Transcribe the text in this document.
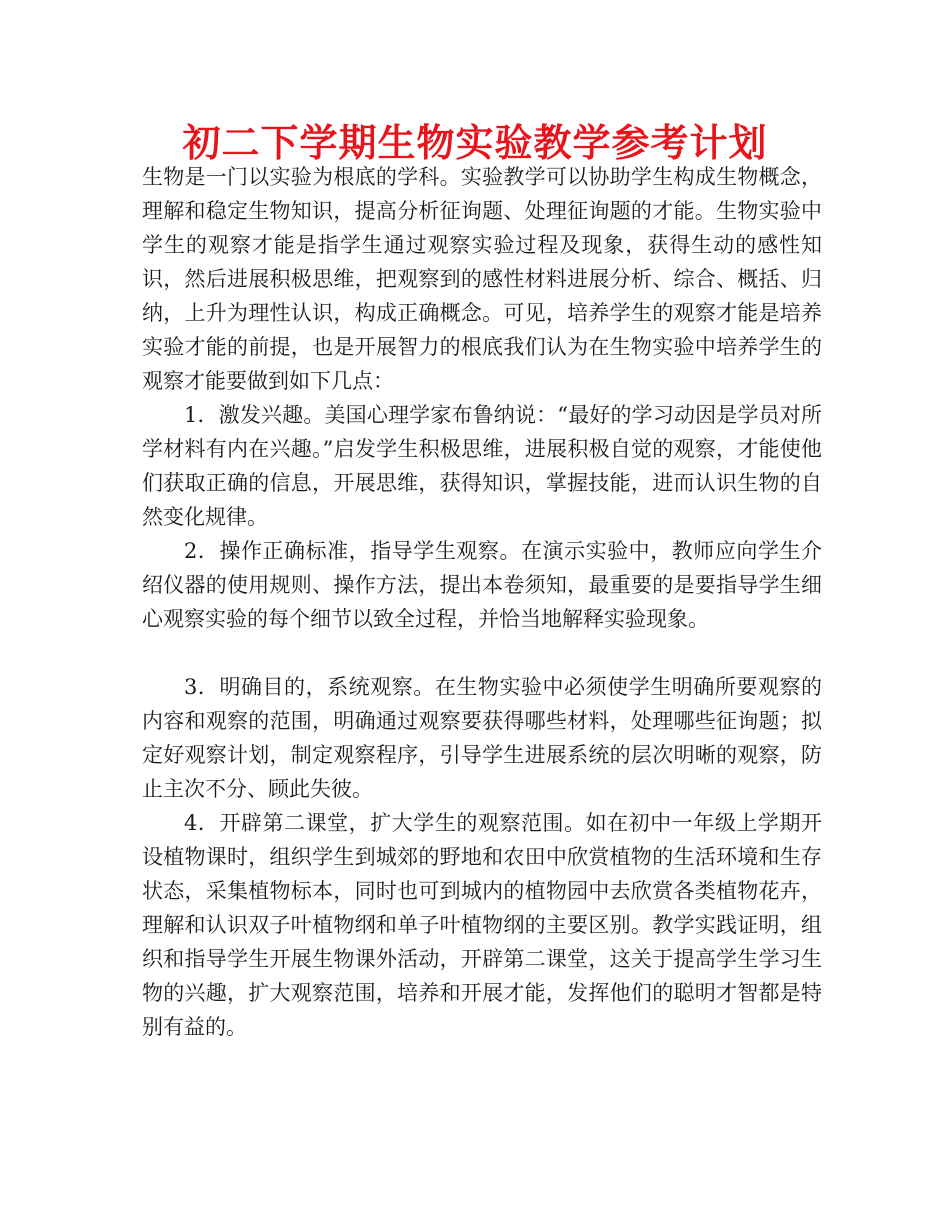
初二下学期生物实验教学参考计划

生物是一门以实验为根底的学科。实验教学可以协助学生构成生物概念，理解和稳定生物知识，提高分析征询题、处理征询题的才能。生物实验中学生的观察才能是指学生通过观察实验过程及现象，获得生动的感性知识，然后进展积极思维，把观察到的感性材料进展分析、综合、概括、归纳，上升为理性认识，构成正确概念。可见，培养学生的观察才能是培养实验才能的前提，也是开展智力的根底我们认为在生物实验中培养学生的观察才能要做到如下几点：

1．激发兴趣。美国心理学家布鲁纳说：“最好的学习动因是学员对所学材料有内在兴趣。”启发学生积极思维，进展积极自觉的观察，才能使他们获取正确的信息，开展思维，获得知识，掌握技能，进而认识生物的自然变化规律。

2．操作正确标准，指导学生观察。在演示实验中，教师应向学生介绍仪器的使用规则、操作方法，提出本卷须知，最重要的是要指导学生细心观察实验的每个细节以致全过程，并恰当地解释实验现象。

3．明确目的，系统观察。在生物实验中必须使学生明确所要观察的内容和观察的范围，明确通过观察要获得哪些材料，处理哪些征询题；拟定好观察计划，制定观察程序，引导学生进展系统的层次明晰的观察，防止主次不分、顾此失彼。

4．开辟第二课堂，扩大学生的观察范围。如在初中一年级上学期开设植物课时，组织学生到城郊的野地和农田中欣赏植物的生活环境和生存状态，采集植物标本，同时也可到城内的植物园中去欣赏各类植物花卉，理解和认识双子叶植物纲和单子叶植物纲的主要区别。教学实践证明，组织和指导学生开展生物课外活动，开辟第二课堂，这关于提高学生学习生物的兴趣，扩大观察范围，培养和开展才能，发挥他们的聪明才智都是特别有益的。
